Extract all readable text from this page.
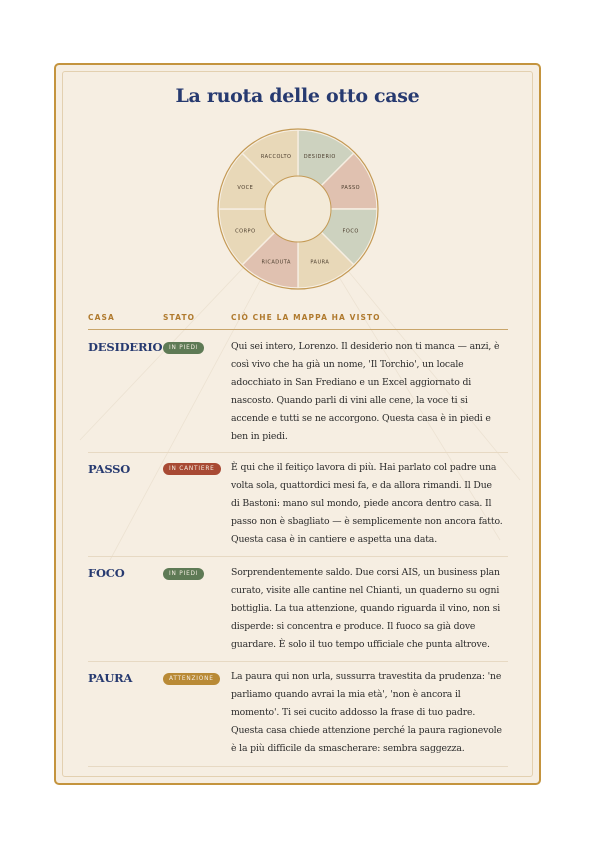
La ruota delle otto case
DESIDERIO
PASSO
FOCO
PAURA
RICADUTA
CORPO
VOCE
RACCOLTO
CASA	STATO	CIÒ CHE LA MAPPA HA VISTO
DESIDERIO	IN PIEDI	Qui sei intero, Lorenzo. Il desiderio non ti manca — anzi, è
così vivo che ha già un nome, 'Il Torchio', un locale
adocchiato in San Frediano e un Excel aggiornato di
nascosto. Quando parli di vini alle cene, la voce ti si
accende e tutti se ne accorgono. Questa casa è in piedi e
ben in piedi.
PASSO	IN CANTIERE	È qui che il feitiço lavora di più. Hai parlato col padre una
volta sola, quattordici mesi fa, e da allora rimandi. Il Due
di Bastoni: mano sul mondo, piede ancora dentro casa. Il
passo non è sbagliato — è semplicemente non ancora fatto.
Questa casa è in cantiere e aspetta una data.
FOCO	IN PIEDI	Sorprendentemente saldo. Due corsi AIS, un business plan
curato, visite alle cantine nel Chianti, un quaderno su ogni
bottiglia. La tua attenzione, quando riguarda il vino, non si
disperde: si concentra e produce. Il fuoco sa già dove
guardare. È solo il tuo tempo ufficiale che punta altrove.
PAURA	ATTENZIONE	La paura qui non urla, sussurra travestita da prudenza: 'ne
parliamo quando avrai la mia età', 'non è ancora il
momento'. Ti sei cucito addosso la frase di tuo padre.
Questa casa chiede attenzione perché la paura ragionevole
è la più difficile da smascherare: sembra saggezza.
